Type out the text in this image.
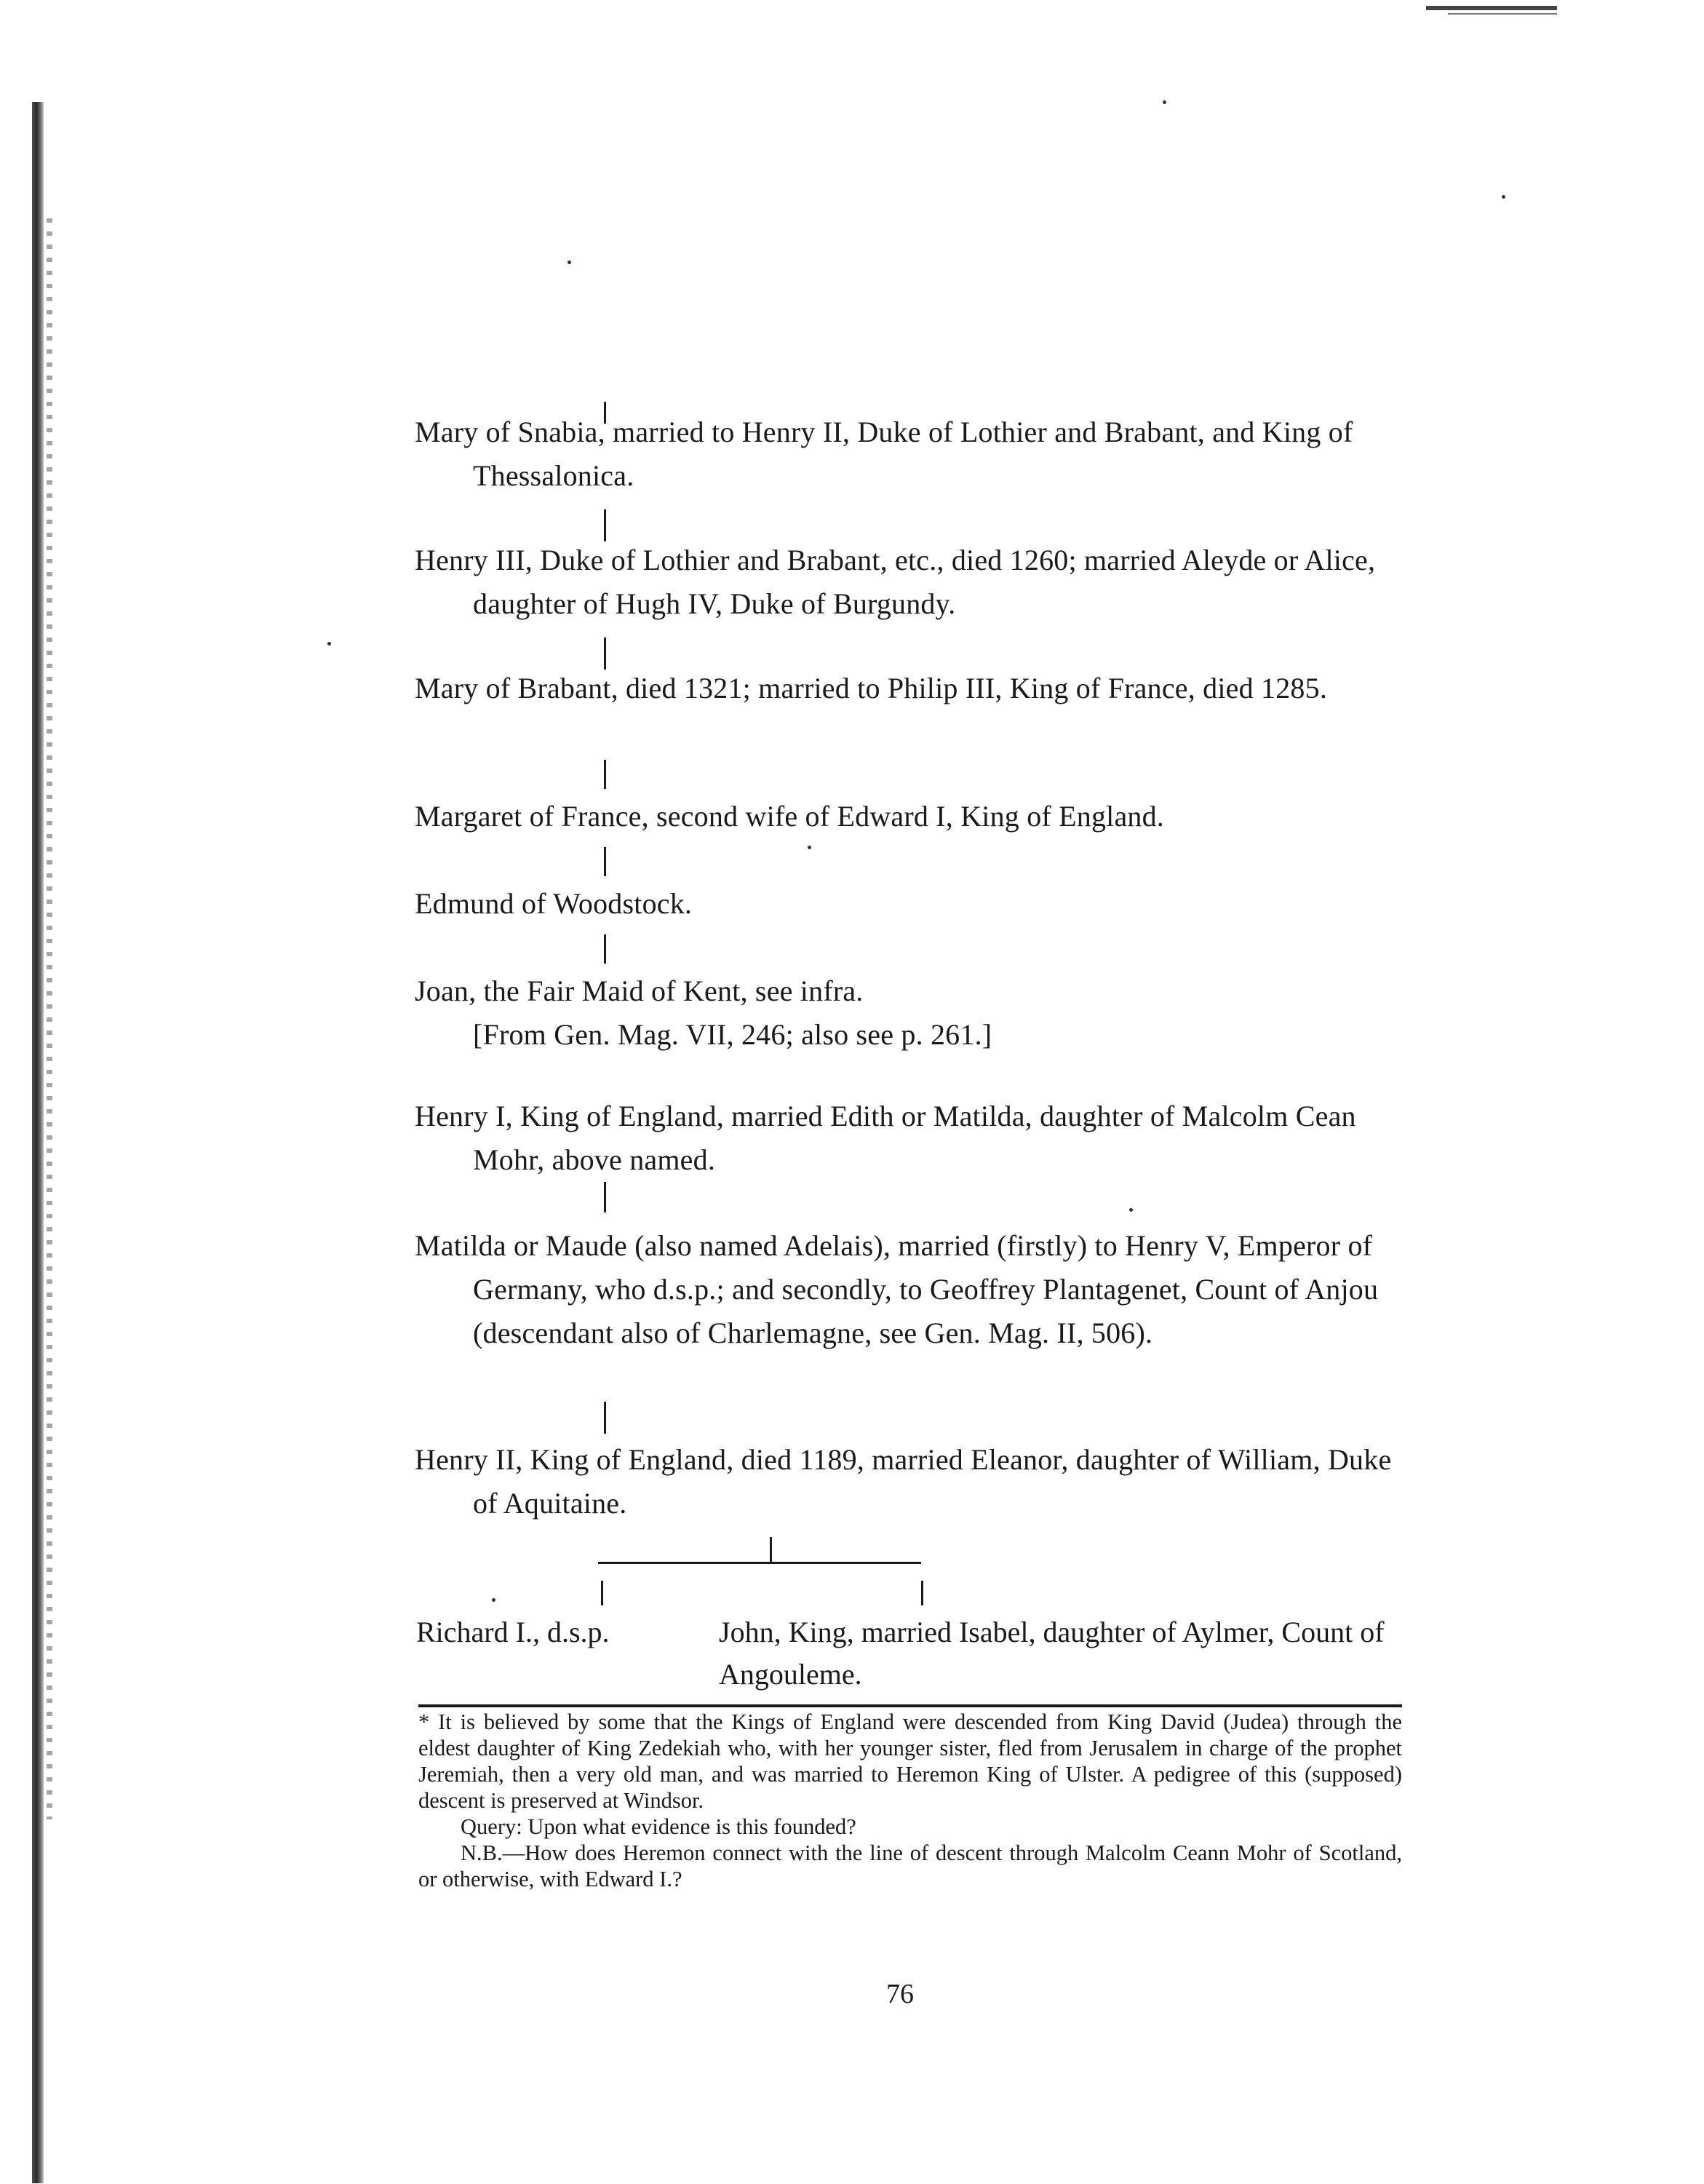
Mary of Snabia, married to Henry II, Duke of Lothier and Brabant, and King of Thessalonica.
Henry III, Duke of Lothier and Brabant, etc., died 1260; married Aleyde or Alice, daughter of Hugh IV, Duke of Burgundy.
Mary of Brabant, died 1321; married to Philip III, King of France, died 1285.
Margaret of France, second wife of Edward I, King of England.
Edmund of Woodstock.
Joan, the Fair Maid of Kent, see infra.
[From Gen. Mag. VII, 246; also see p. 261.]
Henry I, King of England, married Edith or Matilda, daughter of Malcolm Cean Mohr, above named.
Matilda or Maude (also named Adelais), married (firstly) to Henry V, Emperor of Germany, who d.s.p.; and secondly, to Geoffrey Plantagenet, Count of Anjou (descendant also of Charlemagne, see Gen. Mag. II, 506).
Henry II, King of England, died 1189, married Eleanor, daughter of William, Duke of Aquitaine.
Richard I., d.s.p.	John, King, married Isabel, daughter of Aylmer, Count of Angouleme.

* It is believed by some that the Kings of England were descended from King David (Judea) through the eldest daughter of King Zedekiah who, with her younger sister, fled from Jerusalem in charge of the prophet Jeremiah, then a very old man, and was married to Heremon King of Ulster. A pedigree of this (supposed) descent is preserved at Windsor.

Query: Upon what evidence is this founded?

N.B.—How does Heremon connect with the line of descent through Malcolm Ceann Mohr of Scotland, or otherwise, with Edward I.?

76
